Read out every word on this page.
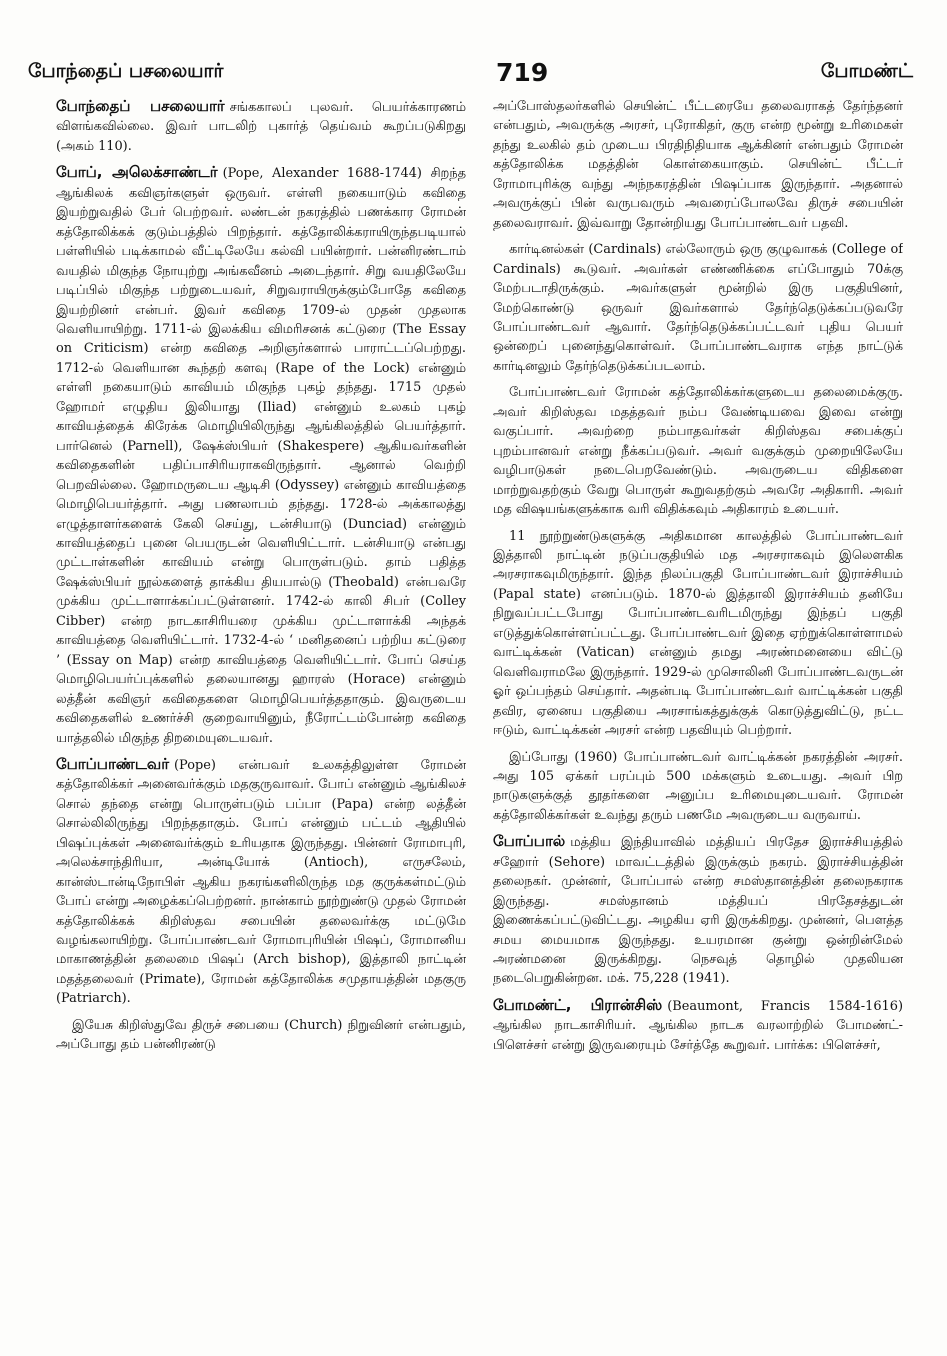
போந்தைப் பசலையார்	719	போமண்ட்

போந்தைப் பசலையார் சங்ககாலப் புலவர். பெயர்க்காரணம் விளங்கவில்லை. இவர் பாடலிற் புகார்த் தெய்வம் கூறப்படுகிறது (அகம் 110).

போப், அலெக்சாண்டர் (Pope, Alexander 1688-1744) சிறந்த ஆங்கிலக் கவிஞர்களுள் ஒருவர். எள்ளி நகையாடும் கவிதை இயற்றுவதில் பேர் பெற்றவர். லண்டன் நகரத்தில் பணக்கார ரோமன் கத்தோலிக்கக் குடும்பத்தில் பிறந்தார். கத்தோலிக்கராயிருந்தபடியால் பள்ளியில் படிக்காமல் வீட்டிலேயே கல்வி பயின்றார். பன்னிரண்டாம் வயதில் மிகுந்த நோயுற்று அங்கவீனம் அடைந்தார். சிறு வயதிலேயே படிப்பில் மிகுந்த பற்றுடையவர், சிறுவராயிருக்கும்போதே கவிதை இயற்றினர் என்பர். இவர் கவிதை 1709-ல் முதன் முதலாக வெளியாயிற்று. 1711-ல் இலக்கிய விமரிசனக் கட்டுரை (The Essay on Criticism) என்ற கவிதை அறிஞர்களால் பாராட்டப்பெற்றது. 1712-ல் வெளியான கூந்தற் களவு (Rape of the Lock) என்னும் எள்ளி நகையாடும் காவியம் மிகுந்த புகழ் தந்தது. 1715 முதல் ஹோமர் எழுதிய இலியாது (Iliad) என்னும் உலகம் புகழ் காவியத்தைக் கிரேக்க மொழியிலிருந்து ஆங்கிலத்தில் பெயர்த்தார். பார்னெல் (Parnell), ஷேக்ஸ்பியர் (Shakespere) ஆகியவர்களின் கவிதைகளின் பதிப்பாசிரியராகவிருந்தார். ஆனால் வெற்றி பெறவில்லை. ஹோமருடைய ஆடிசி (Odyssey) என்னும் காவியத்தை மொழிபெயர்த்தார். அது பணலாபம் தந்தது. 1728-ல் அக்காலத்து எழுத்தாளர்களைக் கேலி செய்து, டன்சியாடு (Dunciad) என்னும் காவியத்தைப் புனை பெயருடன் வெளியிட்டார். டன்சியாடு என்பது முட்டாள்களின் காவியம் என்று பொருள்படும். தாம் பதித்த ஷேக்ஸ்பியர் நூல்களைத் தாக்கிய தியபால்டு (Theobald) என்பவரே முக்கிய முட்டாளாக்கப்பட்டுள்ளனர். 1742-ல் காலி சிபர் (Colley Cibber) என்ற நாடகாசிரியரை முக்கிய முட்டாளாக்கி அந்தக் காவியத்தை வெளியிட்டார். 1732-4-ல் ‘ மனிதனைப் பற்றிய கட்டுரை ’ (Essay on Map) என்ற காவியத்தை வெளியிட்டார். போப் செய்த மொழிபெயர்ப்புக்களில் தலையானது ஹாரஸ் (Horace) என்னும் லத்தீன் கவிஞர் கவிதைகளை மொழிபெயர்த்ததாகும். இவருடைய கவிதைகளில் உணர்ச்சி குறைவாயினும், நீரோட்டம்போன்ற கவிதை யாத்தலில் மிகுந்த திறமையுடையவர்.

போப்பாண்டவர் (Pope) என்பவர் உலகத்திலுள்ள ரோமன் கத்தோலிக்கர் அனைவர்க்கும் மதகுருவாவர். போப் என்னும் ஆங்கிலச் சொல் தந்தை என்று பொருள்படும் பப்பா (Papa) என்ற லத்தீன் சொல்லிலிருந்து பிறந்ததாகும். போப் என்னும் பட்டம் ஆதியில் பிஷப்புக்கள் அனைவர்க்கும் உரியதாக இருந்தது. பின்னர் ரோமாபுரி, அலெக்சாந்திரியா, அன்டியோக் (Antioch), எருசலேம், கான்ஸ்டான்டிநோபிள் ஆகிய நகரங்களிலிருந்த மத குருக்கள்மட்டும் போப் என்று அழைக்கப்பெற்றனர். நான்காம் நூற்றுண்டு முதல் ரோமன் கத்தோலிக்கக் கிறிஸ்தவ சபையின் தலைவர்க்கு மட்டுமே வழங்கலாயிற்று. போப்பாண்டவர் ரோமாபுரியின் பிஷப், ரோமானிய மாகாணத்தின் தலைமை பிஷப் (Arch bishop), இத்தாலி நாட்டின் மதத்தலைவர் (Primate), ரோமன் கத்தோலிக்க சமுதாயத்தின் மதகுரு (Patriarch).

இயேசு கிறிஸ்துவே திருச் சபையை (Church) நிறுவினர் என்பதும், அப்போது தம் பன்னிரண்டு

அப்போஸ்தலர்களில் செயின்ட் பீட்டரையே தலைவராகத் தேர்ந்தனர் என்பதும், அவருக்கு அரசர், புரோகிதர், குரு என்ற மூன்று உரிமைகள் தந்து உலகில் தம் முடைய பிரதிநிதியாக ஆக்கினர் என்பதும் ரோமன் கத்தோலிக்க மதத்தின் கொள்கையாகும். செயின்ட் பீட்டர் ரோமாபுரிக்கு வந்து அந்நகரத்தின் பிஷப்பாக இருந்தார். அதனால் அவருக்குப் பின் வருபவரும் அவரைப்போலவே திருச் சபையின் தலைவராவர். இவ்வாறு தோன்றியது போப்பாண்டவர் பதவி.

கார்டினல்கள் (Cardinals) எல்லோரும் ஒரு குழுவாகக் (College of Cardinals) கூடுவர். அவர்கள் எண்ணிக்கை எப்போதும் 70க்கு மேற்படாதிருக்கும். அவர்களுள் மூன்றில் இரு பகுதியினர், மேற்கொண்டு ஒருவர் இவர்களால் தேர்ந்தெடுக்கப்படுவரே போப்பாண்டவர் ஆவார். தேர்ந்தெடுக்கப்பட்டவர் புதிய பெயர் ஒன்றைப் புனைந்துகொள்வர். போப்பாண்டவராக எந்த நாட்டுக் கார்டினலும் தேர்ந்தெடுக்கப்படலாம்.

போப்பாண்டவர் ரோமன் கத்தோலிக்கர்களுடைய தலைமைக்குரு. அவர் கிறிஸ்தவ மதத்தவர் நம்ப வேண்டியவை இவை என்று வகுப்பார். அவற்றை நம்பாதவர்கள் கிறிஸ்தவ சபைக்குப் புறம்பானவர் என்று நீக்கப்படுவர். அவர் வகுக்கும் முறையிலேயே வழிபாடுகள் நடைபெறவேண்டும். அவருடைய விதிகளை மாற்றுவதற்கும் வேறு பொருள் கூறுவதற்கும் அவரே அதிகாரி. அவர் மத விஷயங்களுக்காக வரி விதிக்கவும் அதிகாரம் உடையர்.

11 நூற்றுண்டுகளுக்கு அதிகமான காலத்தில் போப்பாண்டவர் இத்தாலி நாட்டின் நடுப்பகுதியில் மத அரசராகவும் இலௌகிக அரசராகவுமிருந்தார். இந்த நிலப்பகுதி போப்பாண்டவர் இராச்சியம் (Papal state) எனப்படும். 1870-ல் இத்தாலி இராச்சியம் தனியே நிறுவப்பட்டபோது போப்பாண்டவரிடமிருந்து இந்தப் பகுதி எடுத்துக்கொள்ளப்பட்டது. போப்பாண்டவர் இதை ஏற்றுக்கொள்ளாமல் வாட்டிக்கன் (Vatican) என்னும் தமது அரண்மனையை விட்டு வெளிவராமலே இருந்தார். 1929-ல் முசொலினி போப்பாண்டவருடன் ஓர் ஒப்பந்தம் செய்தார். அதன்படி போப்பாண்டவர் வாட்டிக்கன் பகுதி தவிர, ஏனைய பகுதியை அரசாங்கத்துக்குக் கொடுத்துவிட்டு, நட்ட ஈடும், வாட்டிக்கன் அரசர் என்ற பதவியும் பெற்றார்.

இப்போது (1960) போப்பாண்டவர் வாட்டிக்கன் நகரத்தின் அரசர். அது 105 ஏக்கர் பரப்பும் 500 மக்களும் உடையது. அவர் பிற நாடுகளுக்குத் தூதர்களை அனுப்ப உரிமையுடையவர். ரோமன் கத்தோலிக்கர்கள் உவந்து தரும் பணமே அவருடைய வருவாய்.

போப்பால் மத்திய இந்தியாவில் மத்தியப் பிரதேச இராச்சியத்தில் சஹோர் (Sehore) மாவட்டத்தில் இருக்கும் நகரம். இராச்சியத்தின் தலைநகர். முன்னர், போப்பால் என்ற சமஸ்தானத்தின் தலைநகராக இருந்தது. சமஸ்தானம் மத்தியப் பிரதேசத்துடன் இணைக்கப்பட்டுவிட்டது. அழகிய ஏரி இருக்கிறது. முன்னர், பௌத்த சமய மையமாக இருந்தது. உயரமான குன்று ஒன்றின்மேல் அரண்மனை இருக்கிறது. நெசவுத் தொழில் முதலியன நடைபெறுகின்றன. மக். 75,228 (1941).

போமண்ட், பிரான்சிஸ் (Beaumont, Francis 1584-1616) ஆங்கில நாடகாசிரியர். ஆங்கில நாடக வரலாற்றில் போமண்ட்-பிளெச்சர் என்று இருவரையும் சேர்த்தே கூறுவர். பார்க்க: பிளெச்சர்,
